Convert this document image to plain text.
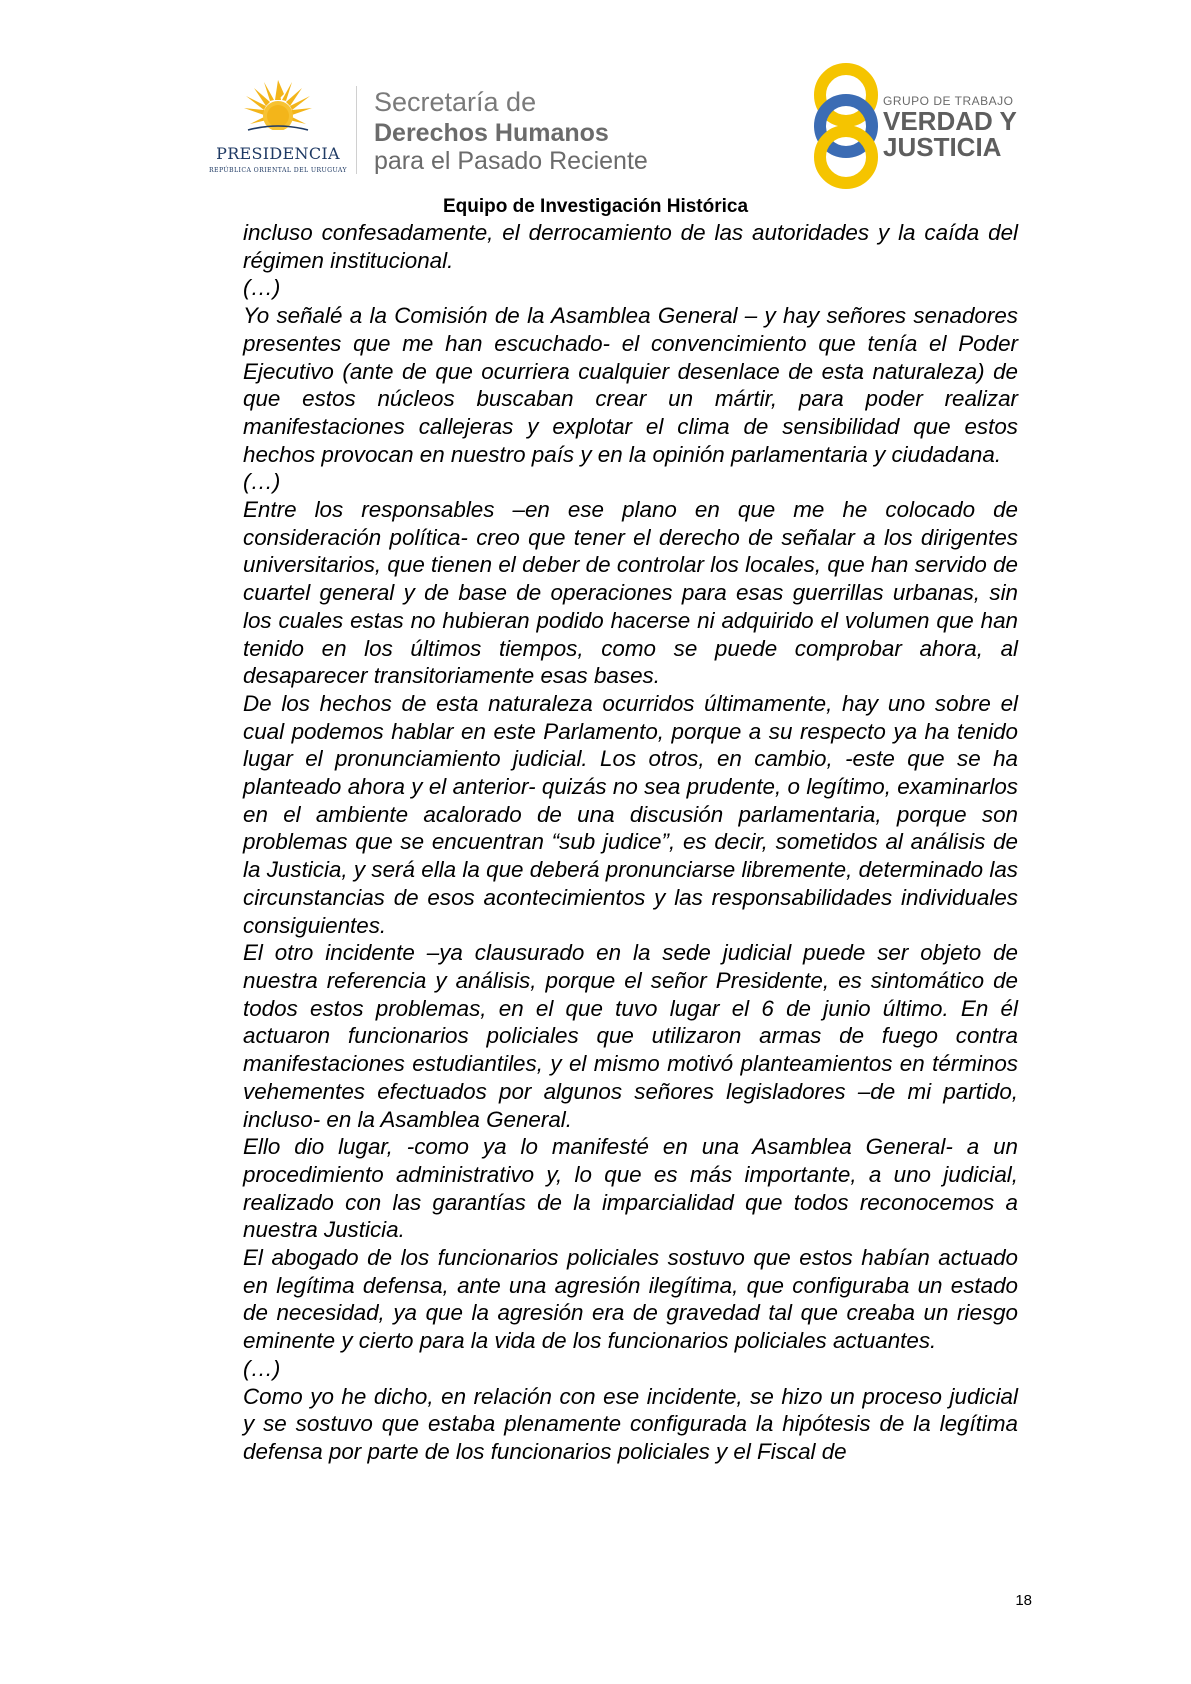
PRESIDENCIA
REPÚBLICA ORIENTAL DEL URUGUAY
Secretaría de
Derechos Humanos
para el Pasado Reciente
GRUPO DE TRABAJO
VERDAD Y
JUSTICIA
Equipo de Investigación Histórica

incluso confesadamente, el derrocamiento de las autoridades y la caída del régimen institucional.

(…)

Yo señalé a la Comisión de la Asamblea General – y hay señores senadores presentes que me han escuchado- el convencimiento que tenía el Poder Ejecutivo (ante de que ocurriera cualquier desenlace de esta naturaleza) de que estos núcleos buscaban crear un mártir, para poder realizar manifestaciones callejeras y explotar el clima de sensibilidad que estos hechos provocan en nuestro país y en la opinión parlamentaria y ciudadana.

(…)

Entre los responsables –en ese plano en que me he colocado de consideración política- creo que tener el derecho de señalar a los dirigentes universitarios, que tienen el deber de controlar los locales, que han servido de cuartel general y de base de operaciones para esas guerrillas urbanas, sin los cuales estas no hubieran podido hacerse ni adquirido el volumen que han tenido en los últimos tiempos, como se puede comprobar ahora, al desaparecer transitoriamente esas bases.

De los hechos de esta naturaleza ocurridos últimamente, hay uno sobre el cual podemos hablar en este Parlamento, porque a su respecto ya ha tenido lugar el pronunciamiento judicial. Los otros, en cambio, -este que se ha planteado ahora y el anterior- quizás no sea prudente, o legítimo, examinarlos en el ambiente acalorado de una discusión parlamentaria, porque son problemas que se encuentran “sub judice”, es decir, sometidos al análisis de la Justicia, y será ella la que deberá pronunciarse libremente, determinado las circunstancias de esos acontecimientos y las responsabilidades individuales consiguientes.

El otro incidente –ya clausurado en la sede judicial puede ser objeto de nuestra referencia y análisis, porque el señor Presidente, es sintomático de todos estos problemas, en el que tuvo lugar el 6 de junio último. En él actuaron funcionarios policiales que utilizaron armas de fuego contra manifestaciones estudiantiles, y el mismo motivó planteamientos en términos vehementes efectuados por algunos señores legisladores –de mi partido, incluso- en la Asamblea General.

Ello dio lugar, -como ya lo manifesté en una Asamblea General- a un procedimiento administrativo y, lo que es más importante, a uno judicial, realizado con las garantías de la imparcialidad que todos reconocemos a nuestra Justicia.

El abogado de los funcionarios policiales sostuvo que estos habían actuado en legítima defensa, ante una agresión ilegítima, que configuraba un estado de necesidad, ya que la agresión era de gravedad tal que creaba un riesgo eminente y cierto para la vida de los funcionarios policiales actuantes.

(…)

Como yo he dicho, en relación con ese incidente, se hizo un proceso judicial y se sostuvo que estaba plenamente configurada la hipótesis de la legítima defensa por parte de los funcionarios policiales y el Fiscal de

18
